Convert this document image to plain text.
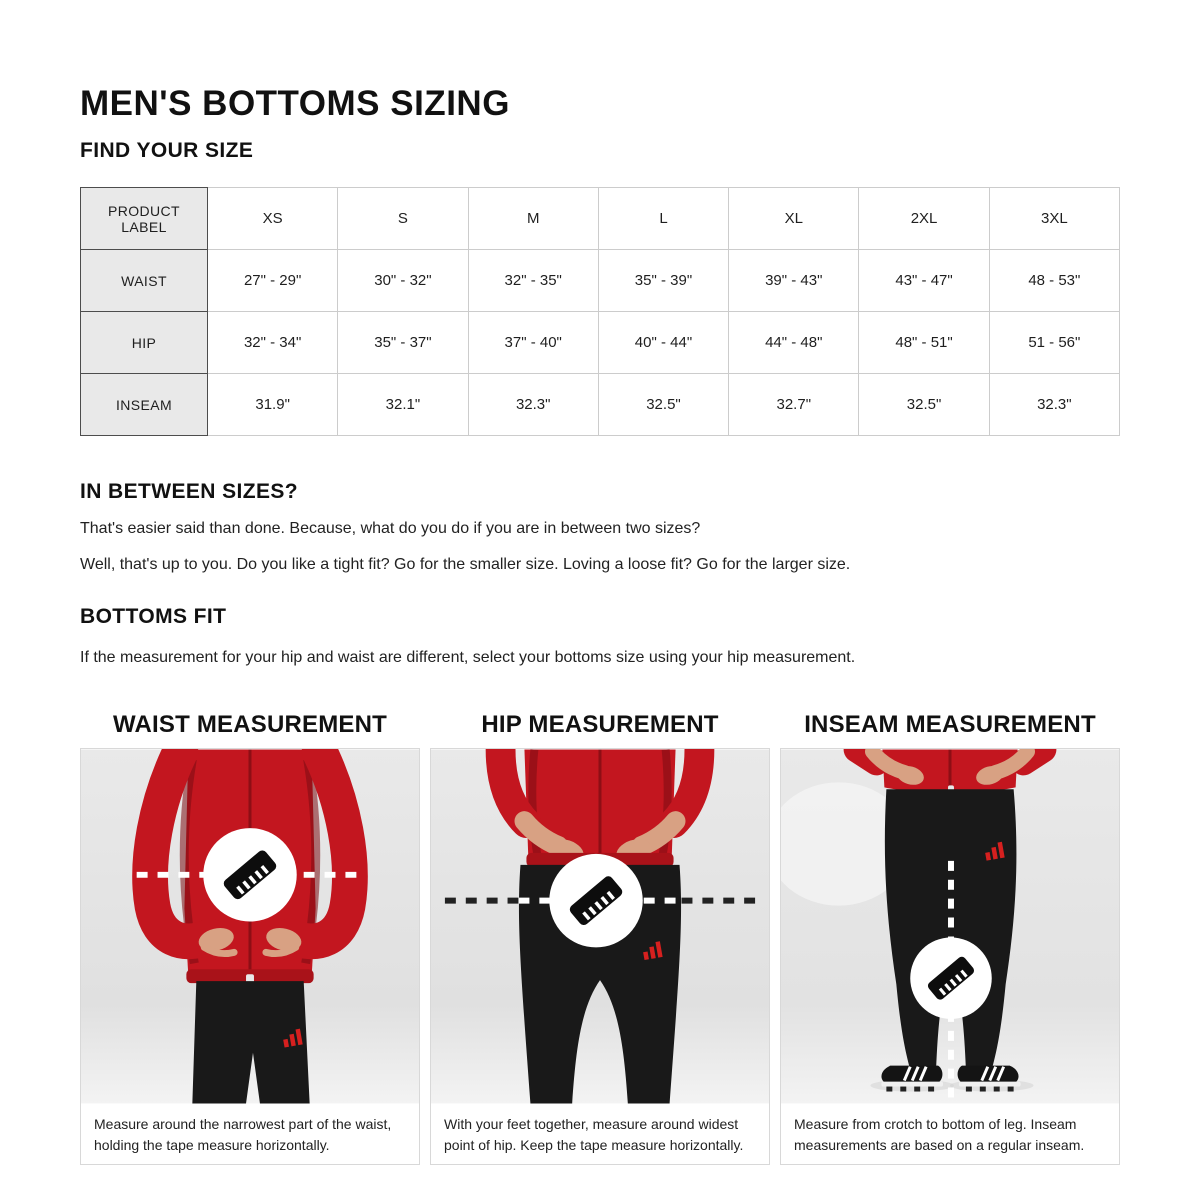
MEN'S BOTTOMS SIZING
FIND YOUR SIZE
PRODUCT LABEL	XS	S	M	L	XL	2XL	3XL
WAIST	27" - 29"	30" - 32"	32" - 35"	35" - 39"	39" - 43"	43" - 47"	48 - 53"
HIP	32" - 34"	35" - 37"	37" - 40"	40" - 44"	44" - 48"	48" - 51"	51 - 56"
INSEAM	31.9"	32.1"	32.3"	32.5"	32.7"	32.5"	32.3"
IN BETWEEN SIZES?

That's easier said than done. Because, what do you do if you are in between two sizes?

Well, that's up to you. Do you like a tight fit? Go for the smaller size. Loving a loose fit? Go for the larger size.

BOTTOMS FIT

If the measurement for your hip and waist are different, select your bottoms size using your hip measurement.

WAIST MEASUREMENT

Measure around the narrowest part of the waist, holding the tape measure horizontally.

HIP MEASUREMENT

With your feet together, measure around widest point of hip. Keep the tape measure horizontally.

INSEAM MEASUREMENT

Measure from crotch to bottom of leg. Inseam measurements are based on a regular inseam.
